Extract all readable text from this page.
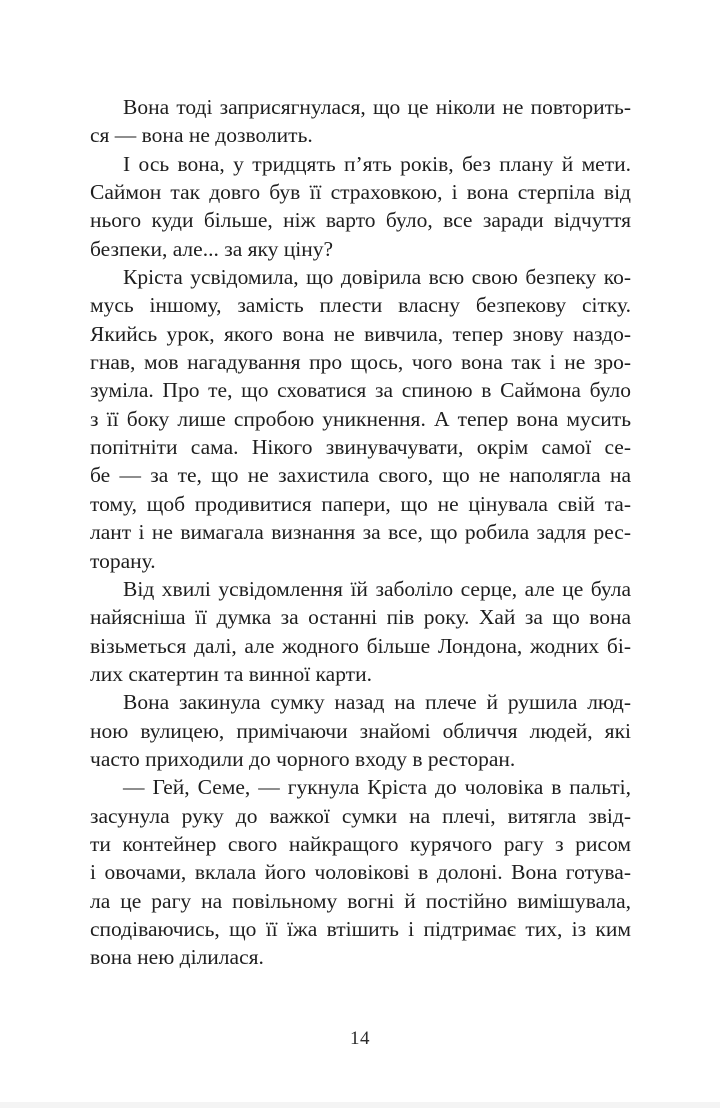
Вона тоді заприсягнулася, що це ніколи не повторить-
ся — вона не дозволить.
І ось вона, у тридцять п’ять років, без плану й мети.
Саймон так довго був її страховкою, і вона стерпіла від
нього куди більше, ніж варто було, все заради відчуття
безпеки, але... за яку ціну?
Кріста усвідомила, що довірила всю свою безпеку ко-
мусь іншому, замість плести власну безпекову сітку.
Якийсь урок, якого вона не вивчила, тепер знову наздо-
гнав, мов нагадування про щось, чого вона так і не зро-
зуміла. Про те, що сховатися за спиною в Саймона було
з її боку лише спробою уникнення. А тепер вона мусить
попітніти сама. Нікого звинувачувати, окрім самої се-
бе — за те, що не захистила свого, що не наполягла на
тому, щоб продивитися папери, що не цінувала свій та-
лант і не вимагала визнання за все, що робила задля рес-
торану.
Від хвилі усвідомлення їй заболіло серце, але це була
найясніша її думка за останні пів року. Хай за що вона
візьметься далі, але жодного більше Лондона, жодних бі-
лих скатертин та винної карти.
Вона закинула сумку назад на плече й рушила люд-
ною вулицею, примічаючи знайомі обличчя людей, які
часто приходили до чорного входу в ресторан.
— Гей, Семе, — гукнула Кріста до чоловіка в пальті,
засунула руку до важкої сумки на плечі, витягла звід-
ти контейнер свого найкращого курячого рагу з рисом
і овочами, вклала його чоловікові в долоні. Вона готува-
ла це рагу на повільному вогні й постійно вимішувала,
сподіваючись, що її їжа втішить і підтримає тих, із ким
вона нею ділилася.
14
